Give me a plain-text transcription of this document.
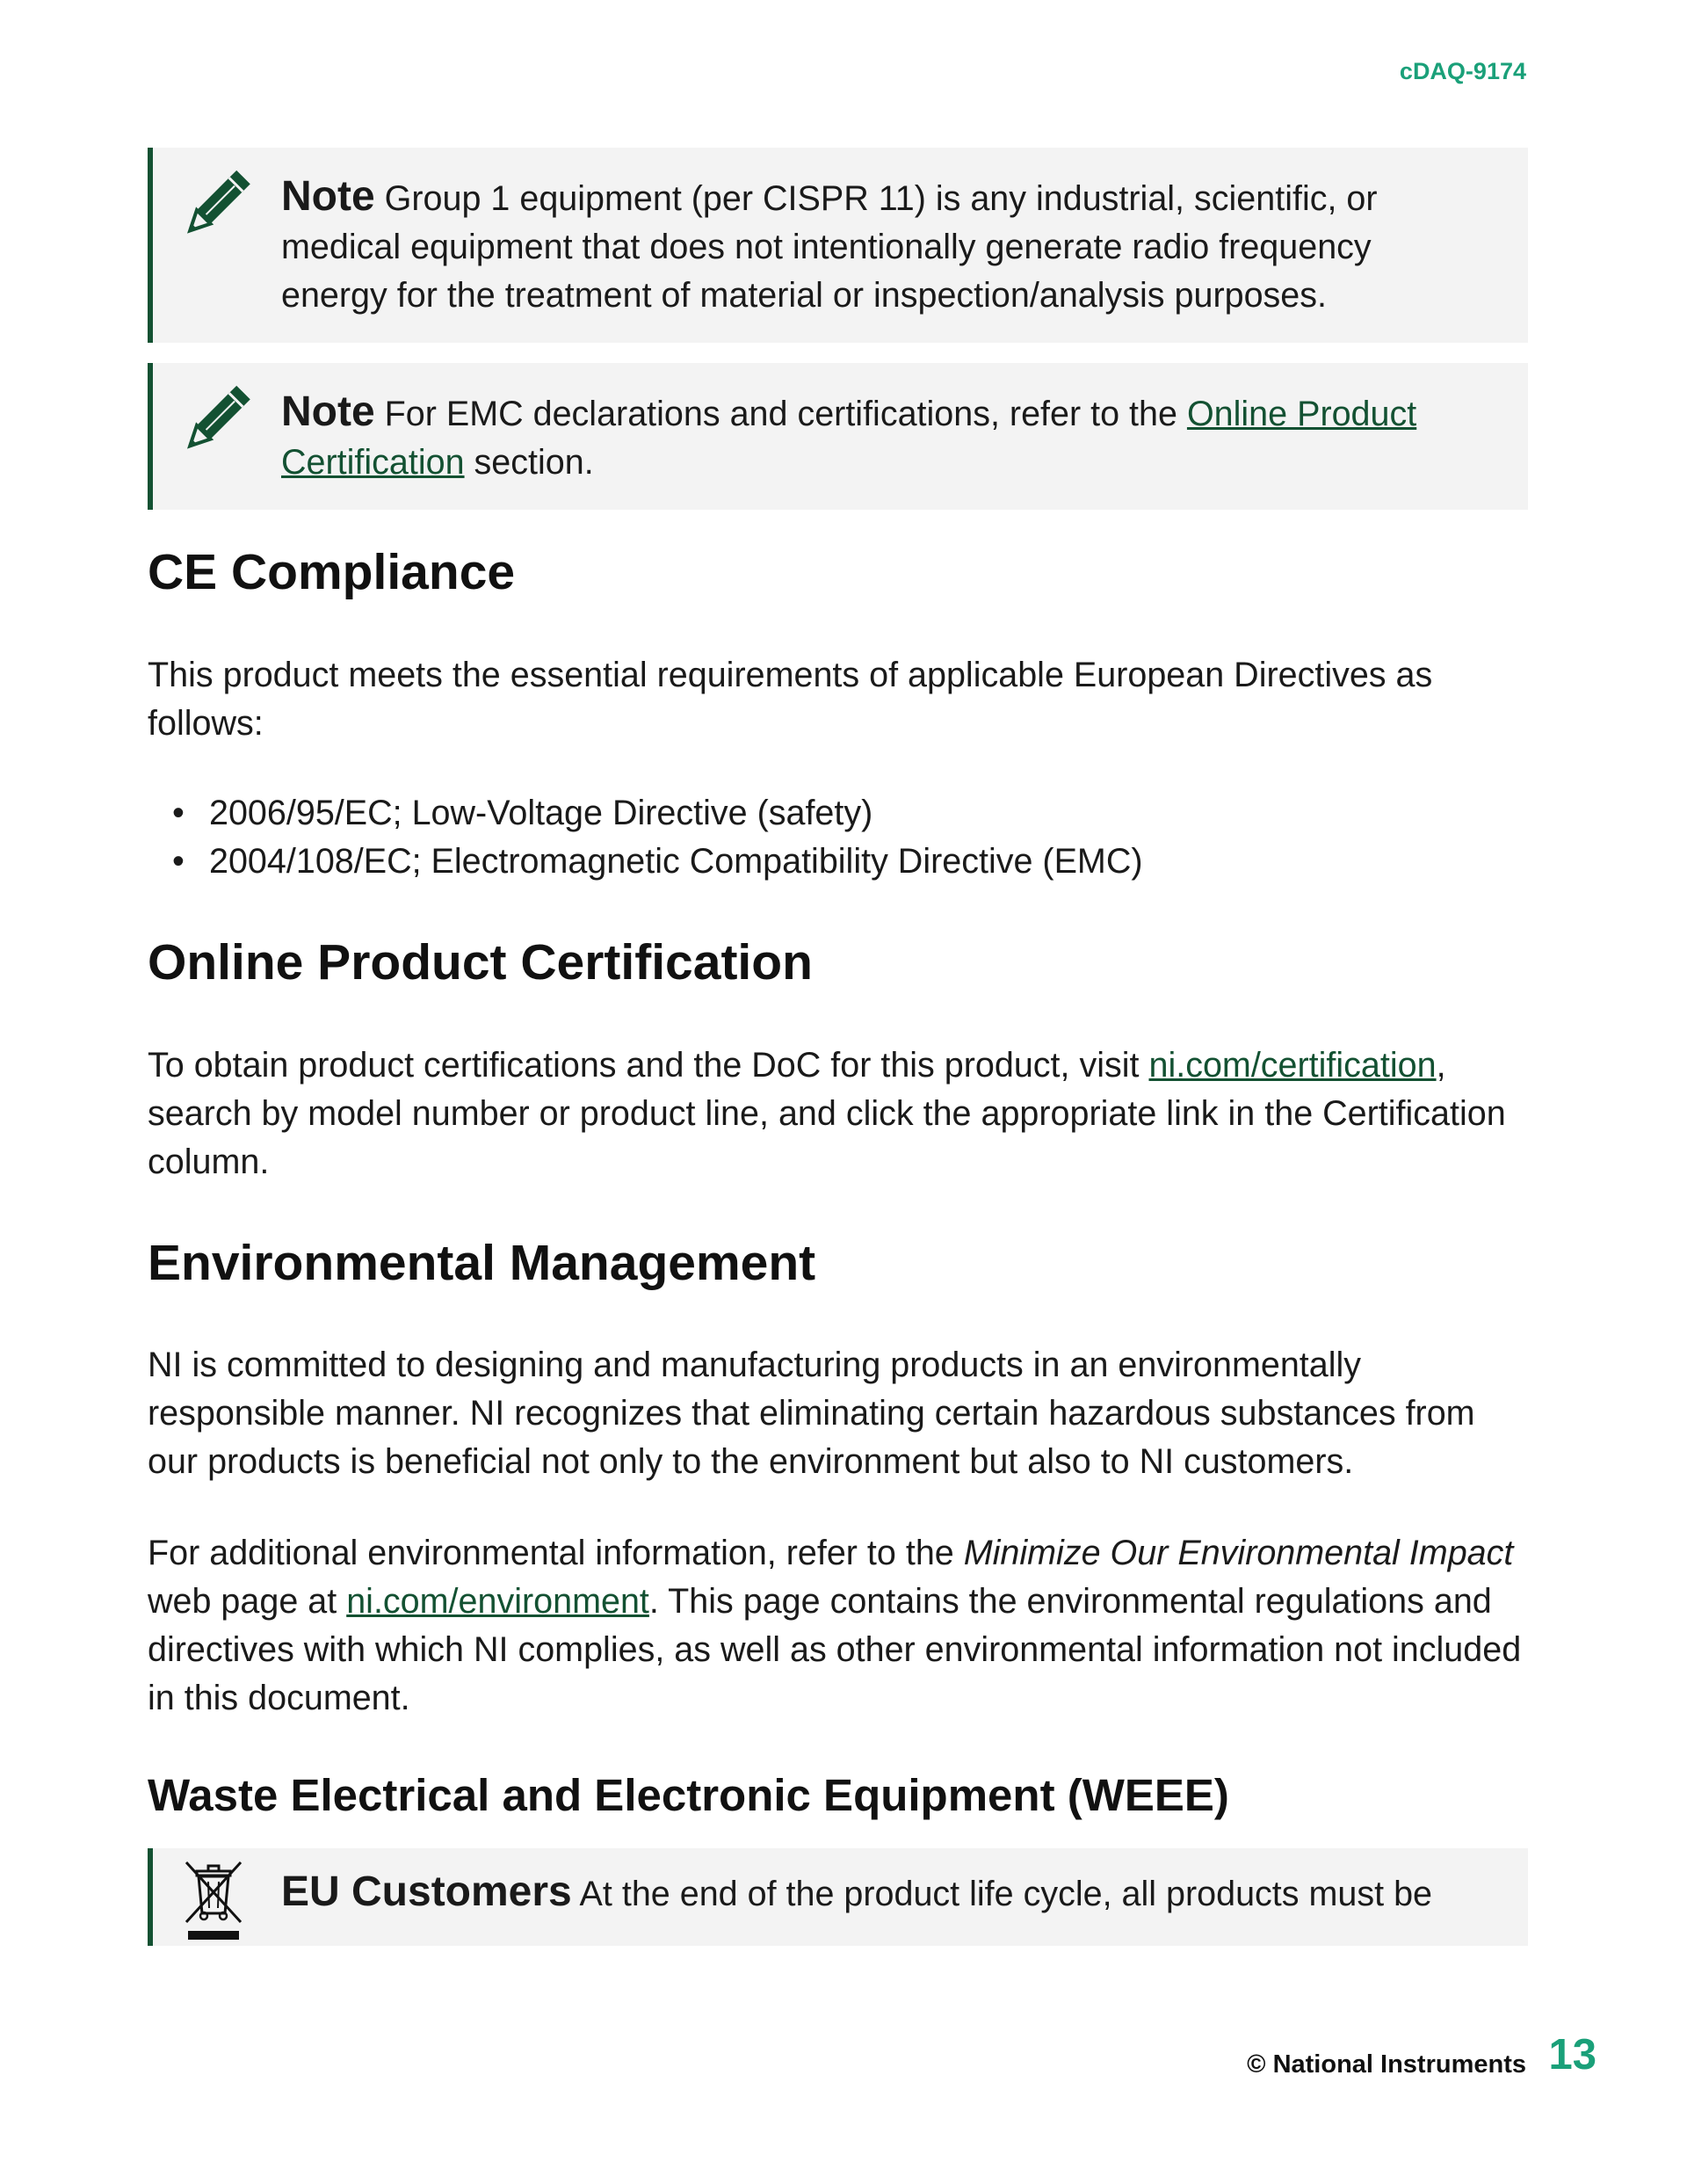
cDAQ-9174
Note Group 1 equipment (per CISPR 11) is any industrial, scientific, or medical equipment that does not intentionally generate radio frequency energy for the treatment of material or inspection/analysis purposes.
Note For EMC declarations and certifications, refer to the Online Product Certification section.
CE Compliance

This product meets the essential requirements of applicable European Directives as follows:

• 2006/95/EC; Low-Voltage Directive (safety)
• 2004/108/EC; Electromagnetic Compatibility Directive (EMC)
Online Product Certification

To obtain product certifications and the DoC for this product, visit ni.com/certification, search by model number or product line, and click the appropriate link in the Certification column.

Environmental Management

NI is committed to designing and manufacturing products in an environmentally responsible manner. NI recognizes that eliminating certain hazardous substances from our products is beneficial not only to the environment but also to NI customers.

For additional environmental information, refer to the Minimize Our Environmental Impact web page at ni.com/environment. This page contains the environmental regulations and directives with which NI complies, as well as other environmental information not included in this document.

Waste Electrical and Electronic Equipment (WEEE)
EU Customers At the end of the product life cycle, all products must be
© National Instruments 13
